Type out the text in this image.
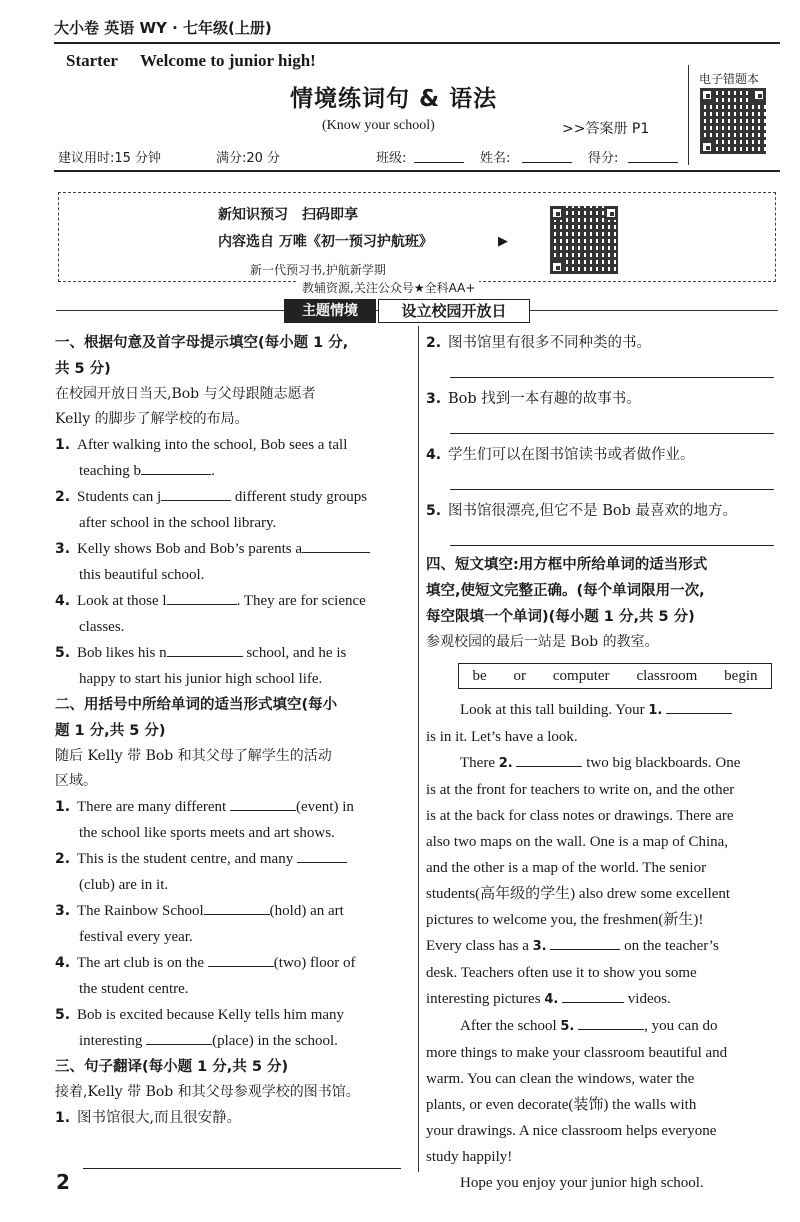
大小卷 英语 WY · 七年级(上册)
Starter Welcome to junior high!
情境练词句 & 语法
(Know your school)	>>答案册 P1
电子错题本
建议用时:15 分钟	满分:20 分	班级:	姓名:	得分:
新知识预习　扫码即享
内容选自 万唯《初一预习护航班》	▶
新一代预习书,护航新学期
教辅资源,关注公众号★全科AA+
主题情境	设立校园开放日
一、根据句意及首字母提示填空(每小题 1 分,
共 5 分)
在校园开放日当天,Bob 与父母跟随志愿者
Kelly 的脚步了解学校的布局。
1. After walking into the school, Bob sees a tall
teaching b	.
2. Students can j	different study groups
after school in the school library.
3. Kelly shows Bob and Bob’s parents a
this beautiful school.
4. Look at those l	. They are for science
classes.
5. Bob likes his n	school, and he is
happy to start his junior high school life.
二、用括号中所给单词的适当形式填空(每小
题 1 分,共 5 分)
随后 Kelly 带 Bob 和其父母了解学生的活动
区域。
1. There are many different	(event) in
the school like sports meets and art shows.
2. This is the student centre, and many
(club) are in it.
3. The Rainbow School	(hold) an art
festival every year.
4. The art club is on the	(two) floor of
the student centre.
5. Bob is excited because Kelly tells him many
interesting	(place) in the school.
三、句子翻译(每小题 1 分,共 5 分)
接着,Kelly 带 Bob 和其父母参观学校的图书馆。
1. 图书馆很大,而且很安静。
2. 图书馆里有很多不同种类的书。
3. Bob 找到一本有趣的故事书。
4. 学生们可以在图书馆读书或者做作业。
5. 图书馆很漂亮,但它不是 Bob 最喜欢的地方。
四、短文填空:用方框中所给单词的适当形式
填空,使短文完整正确。(每个单词限用一次,
每空限填一个单词)(每小题 1 分,共 5 分)
参观校园的最后一站是 Bob 的教室。
be or computer classroom begin
Look at this tall building. Your 1.
is in it. Let’s have a look.
There 2.	two big blackboards. One
is at the front for teachers to write on, and the other
is at the back for class notes or drawings. There are
also two maps on the wall. One is a map of China,
and the other is a map of the world. The senior
students(高年级的学生) also drew some excellent
pictures to welcome you, the freshmen(新生)!
Every class has a 3.	on the teacher’s
desk. Teachers often use it to show you some
interesting pictures 4.	videos.
After the school 5.	, you can do
more things to make your classroom beautiful and
warm. You can clean the windows, water the
plants, or even decorate(装饰) the walls with
your drawings. A nice classroom helps everyone
study happily!
Hope you enjoy your junior high school.
2
